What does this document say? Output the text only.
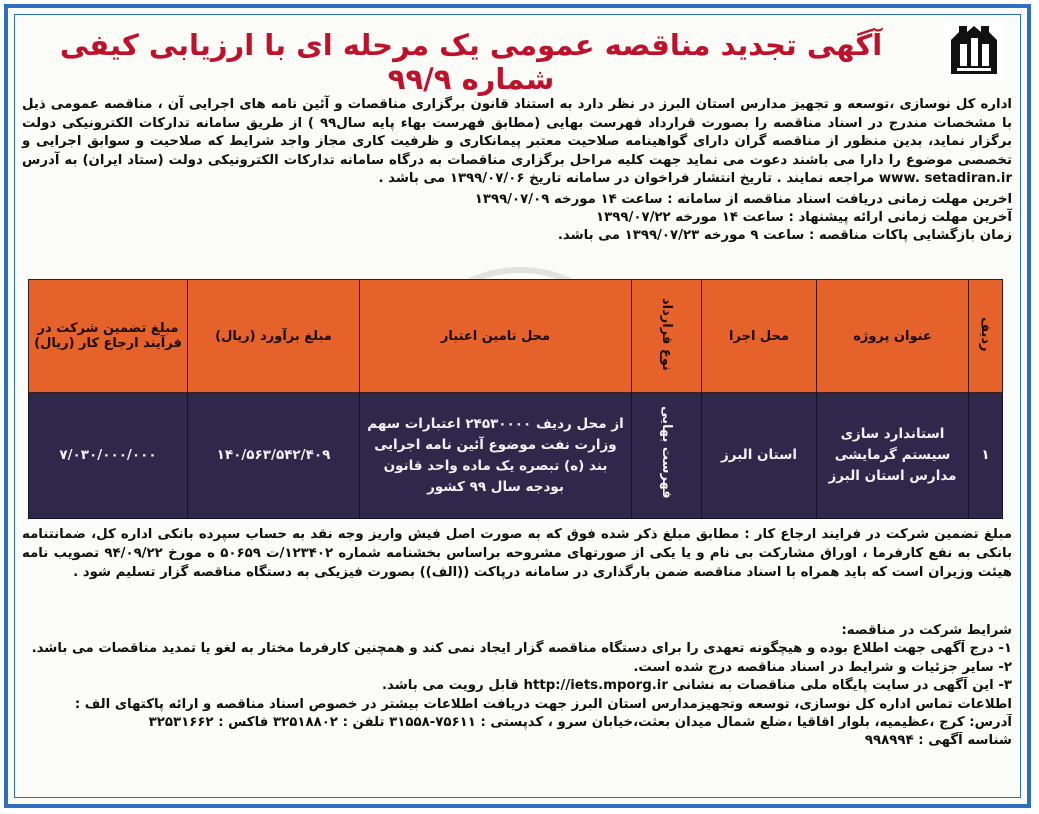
آگهی تجدید مناقصه عمومی یک مرحله ای با ارزیابی کیفی شماره ۹۹/۹

اداره کل نوسازی ،توسعه و تجهیز مدارس استان البرز در نظر دارد به استناد قانون برگزاری مناقصات و آئین نامه های اجرایی آن ، مناقصه عمومی ذیل با مشخصات مندرج در اسناد مناقصه را بصورت قرارداد فهرست بهایی (مطابق فهرست بهاء پایه سال۹۹ ) از طریق سامانه تدارکات الکترونیکی دولت برگزار نماید، بدین منظور از مناقصه گران دارای گواهینامه صلاحیت معتبر پیمانکاری و ظرفیت کاری مجاز واجد شرایط که صلاحیت و سوابق اجرایی و تخصصی موضوع را دارا می باشند دعوت می نماید جهت کلیه مراحل برگزاری مناقصات به درگاه سامانه تدارکات الکترونیکی دولت (ستاد ایران) به آدرس www. setadiran.ir مراجعه نمایند . تاریخ انتشار فراخوان در سامانه تاریخ ۱۳۹۹/۰۷/۰۶ می باشد .

اخرین مهلت زمانی دریافت اسناد مناقصه از سامانه : ساعت ۱۴ مورخه ۱۳۹۹/۰۷/۰۹
آخرین مهلت زمانی ارائه پیشنهاد : ساعت ۱۴ مورخه ۱۳۹۹/۰۷/۲۲
زمان بازگشایی پاکات مناقصه : ساعت ۹ مورخه ۱۳۹۹/۰۷/۲۳ می باشد.
ردیف	عنوان پروژه	محل اجرا	نوع قرارداد	محل تامین اعتبار	مبلغ برآورد (ریال)	مبلغ تضمین شرکت در فرآیند ارجاع کار (ریال)
۱	استاندارد سازی سیستم گرمایشی مدارس استان البرز	استان البرز	فهرست بهایی	از محل ردیف ۲۴۵۳۰۰۰۰ اعتبارات سهم وزارت نفت موضوع آئین نامه اجرایی بند (ه) تبصره یک ماده واحد قانون بودجه سال ۹۹ کشور	۱۴۰/۵۶۳/۵۴۲/۴۰۹	۷/۰۳۰/۰۰۰/۰۰۰
مبلغ تضمین شرکت در فرایند ارجاع کار : مطابق مبلغ ذکر شده فوق که به صورت اصل فیش واریز وجه نقد به حساب سپرده بانکی اداره کل، ضمانتنامه بانکی به نفع کارفرما ، اوراق مشارکت بی نام و یا یکی از صورتهای مشروحه براساس بخشنامه شماره ۱۲۳۴۰۲/ت ۵۰۶۵۹ ه مورخ ۹۴/۰۹/۲۲ تصویب نامه هیئت وزیران است که باید همراه با اسناد مناقصه ضمن بارگذاری در سامانه درپاکت ((الف)) بصورت فیزیکی به دستگاه مناقصه گزار تسلیم شود .
شرایط شرکت در مناقصه:
۱- درج آگهی جهت اطلاع بوده و هیچگونه تعهدی را برای دستگاه مناقصه گزار ایجاد نمی کند و همچنین کارفرما مختار به لغو یا تمدید مناقصات می باشد.
۲- سایر جزئیات و شرایط در اسناد مناقصه درج شده است.
۳- این آگهی در سایت پایگاه ملی مناقصات به نشانی http://iets.mporg.ir قابل رویت می باشد.
اطلاعات تماس اداره کل نوسازی، توسعه وتجهیزمدارس استان البرز جهت دریافت اطلاعات بیشتر در خصوص اسناد مناقصه و ارائه پاکتهای الف :
آدرس: کرج ،عظیمیه، بلوار اقاقیا ،ضلع شمال میدان بعثت،خیابان سرو ، کدپستی : ۷۵۶۱۱-۳۱۵۵۸ تلفن : ۳۲۵۱۸۸۰۲ فاکس : ۳۲۵۳۱۶۶۲
شناسه آگهی : ۹۹۸۹۹۴
